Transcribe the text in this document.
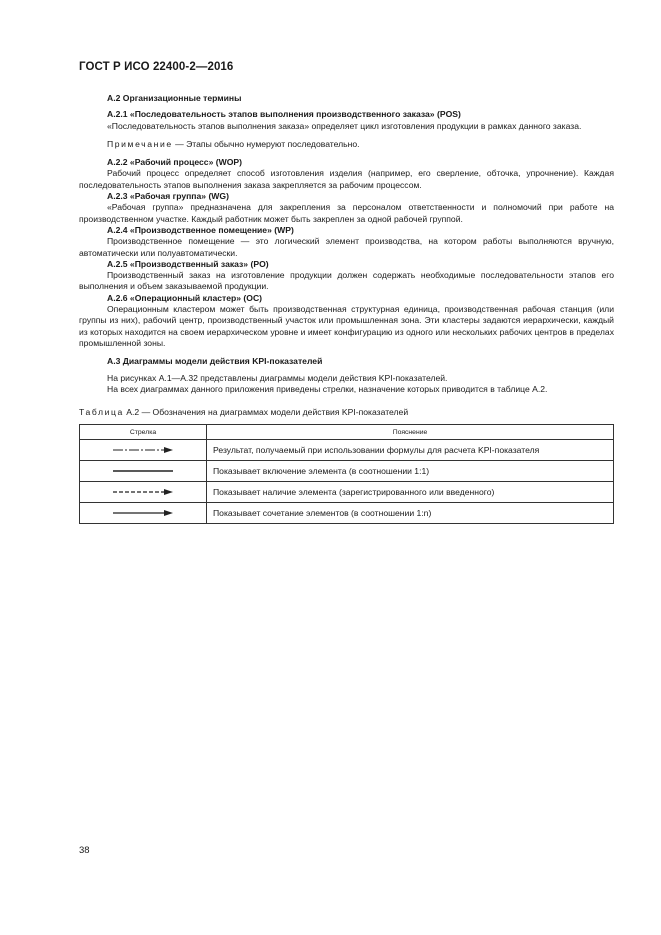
ГОСТ Р ИСО 22400-2—2016

А.2 Организационные термины

А.2.1 «Последовательность этапов выполнения производственного заказа» (POS)

«Последовательность этапов выполнения заказа» определяет цикл изготовления продукции в рамках данного заказа.

Примечание — Этапы обычно нумеруют последовательно.

А.2.2 «Рабочий процесс» (WOP)

Рабочий процесс определяет способ изготовления изделия (например, его сверление, обточка, упрочнение). Каждая последовательность этапов выполнения заказа закрепляется за рабочим процессом.

А.2.3 «Рабочая группа» (WG)

«Рабочая группа» предназначена для закрепления за персоналом ответственности и полномочий при работе на производственном участке. Каждый работник может быть закреплен за одной рабочей группой.

А.2.4 «Производственное помещение» (WP)

Производственное помещение — это логический элемент производства, на котором работы выполняются вручную, автоматически или полуавтоматически.

А.2.5 «Производственный заказ» (PO)

Производственный заказ на изготовление продукции должен содержать необходимые последовательности этапов его выполнения и объем заказываемой продукции.

А.2.6 «Операционный кластер» (OC)

Операционным кластером может быть производственная структурная единица, производственная рабочая станция (или группы из них), рабочий центр, производственный участок или промышленная зона. Эти кластеры задаются иерархически, каждый из которых находится на своем иерархическом уровне и имеет конфигурацию из одного или нескольких рабочих центров в пределах промышленной зоны.

А.3 Диаграммы модели действия KPI-показателей

На рисунках А.1—А.32 представлены диаграммы модели действия KPI-показателей.

На всех диаграммах данного приложения приведены стрелки, назначение которых приводится в таблице А.2.

Таблица А.2 — Обозначения на диаграммах модели действия KPI-показателей

Стрелка	Пояснение

	Результат, получаемый при использовании формулы для расчета KPI-показателя

	Показывает включение элемента (в соотношении 1:1)

	Показывает наличие элемента (зарегистрированного или введенного)

	Показывает сочетание элементов (в соотношении 1:n)
38
